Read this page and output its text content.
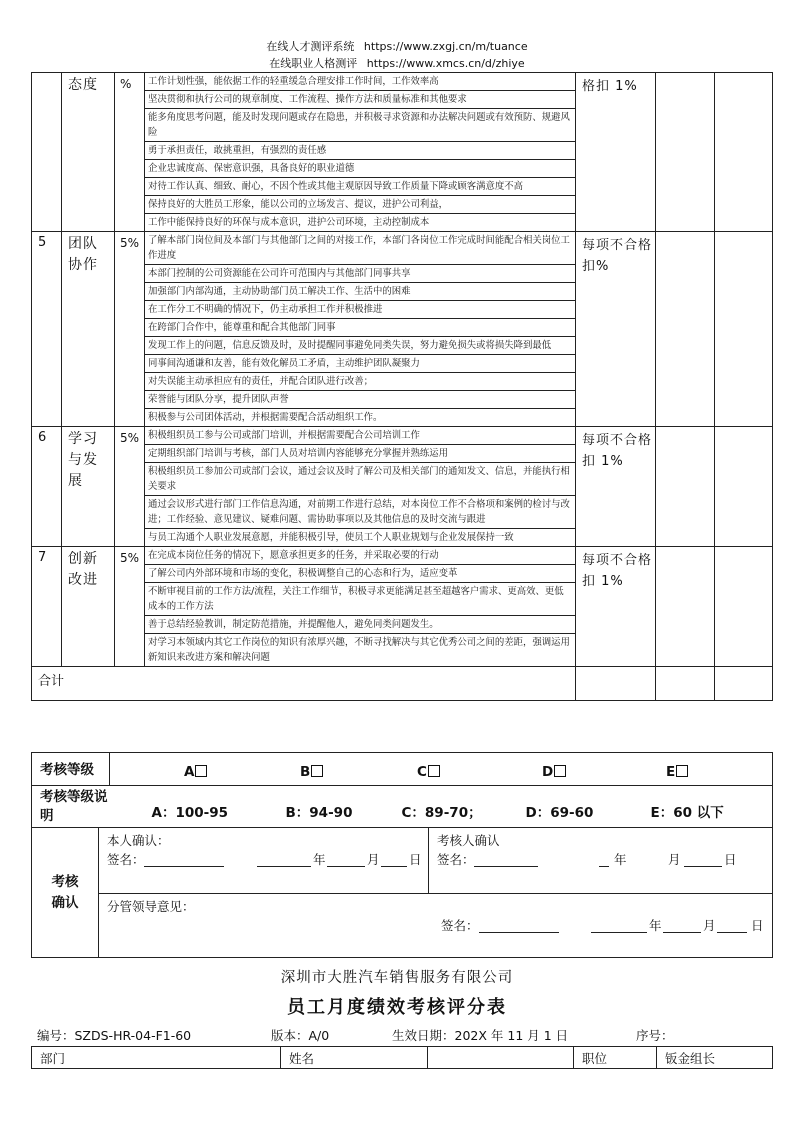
在线人才测评系统 https://www.zxgj.cn/m/tuance
在线职业人格测评 https://www.xmcs.cn/d/zhiye
	态度	%	工作计划性强，能依据工作的轻重缓急合理安排工作时间，工作效率高	格扣 1%		
			坚决贯彻和执行公司的规章制度、工作流程、操作方法和质量标准和其他要求			
			能多角度思考问题，能及时发现问题或存在隐患，并积极寻求资源和办法解决问题或有效预防、规避风险			
			勇于承担责任，敢挑重担，有强烈的责任感			
			企业忠诚度高、保密意识强，具备良好的职业道德			
			对待工作认真、细致、耐心，不因个性或其他主观原因导致工作质量下降或顾客满意度不高			
			保持良好的大胜员工形象，能以公司的立场发言、提议，进护公司利益，			
			工作中能保持良好的环保与成本意识，进护公司环境，主动控制成本			
5	团队协作	5%	了解本部门岗位间及本部门与其他部门之间的对接工作，本部门各岗位工作完成时间能配合相关岗位工作进度	每项不合格扣%		
			本部门控制的公司资源能在公司许可范围内与其他部门同事共享			
			加强部门内部沟通，主动协助部门员工解决工作、生活中的困难			
			在工作分工不明确的情况下，仍主动承担工作并积极推进			
			在跨部门合作中，能尊重和配合其他部门同事			
			发现工作上的问题，信息反馈及时，及时提醒同事避免同类失误，努力避免损失或将损失降到最低			
			同事间沟通谦和友善，能有效化解员工矛盾，主动维护团队凝聚力			
			对失误能主动承担应有的责任，并配合团队进行改善；			
			荣誉能与团队分享，提升团队声誉			
			积极参与公司团体活动，并根据需要配合活动组织工作。			
6	学习与发展	5%	积极组织员工参与公司或部门培训，并根据需要配合公司培训工作	每项不合格扣 1%		
			定期组织部门培训与考核，部门人员对培训内容能够充分掌握并熟练运用			
			积极组织员工参加公司或部门会议，通过会议及时了解公司及相关部门的通知发文、信息，并能执行相关要求			
			通过会议形式进行部门工作信息沟通，对前期工作进行总结，对本岗位工作不合格项和案例的检讨与改进；工作经验、意见建议、疑难问题、需协助事项以及其他信息的及时交流与跟进			
			与员工沟通个人职业发展意愿，并能积极引导，使员工个人职业规划与企业发展保持一致			
7	创新改进	5%	在完成本岗位任务的情况下，愿意承担更多的任务，并采取必要的行动	每项不合格扣 1%		
			了解公司内外部环境和市场的变化，积极调整自己的心态和行为，适应变革			
			不断审视目前的工作方法/流程，关注工作细节，积极寻求更能满足甚至超越客户需求、更高效、更低成本的工作方法			
			善于总结经验教训，制定防范措施，并提醒他人，避免同类问题发生。			
			对学习本领域内其它工作岗位的知识有浓厚兴趣，不断寻找解决与其它优秀公司之间的差距，强调运用新知识来改进方案和解决问题			
合计						
考核等级	A B C D E

考核等级说明	A：100-95 B：94-90 C：89-70； D：69-60 E：60 以下
考核确认

本人确认：
签名：	年	月 日

考核人确认
签名：	年	月	日

分管领导意见：
签名：	年	月	日
深圳市大胜汽车销售服务有限公司
员工月度绩效考核评分表
编号：SZDS-HR-04-F1-60	版本：A/0	生效日期：202X 年 11 月 1 日	序号：
部门	姓名		职位	钣金组长
